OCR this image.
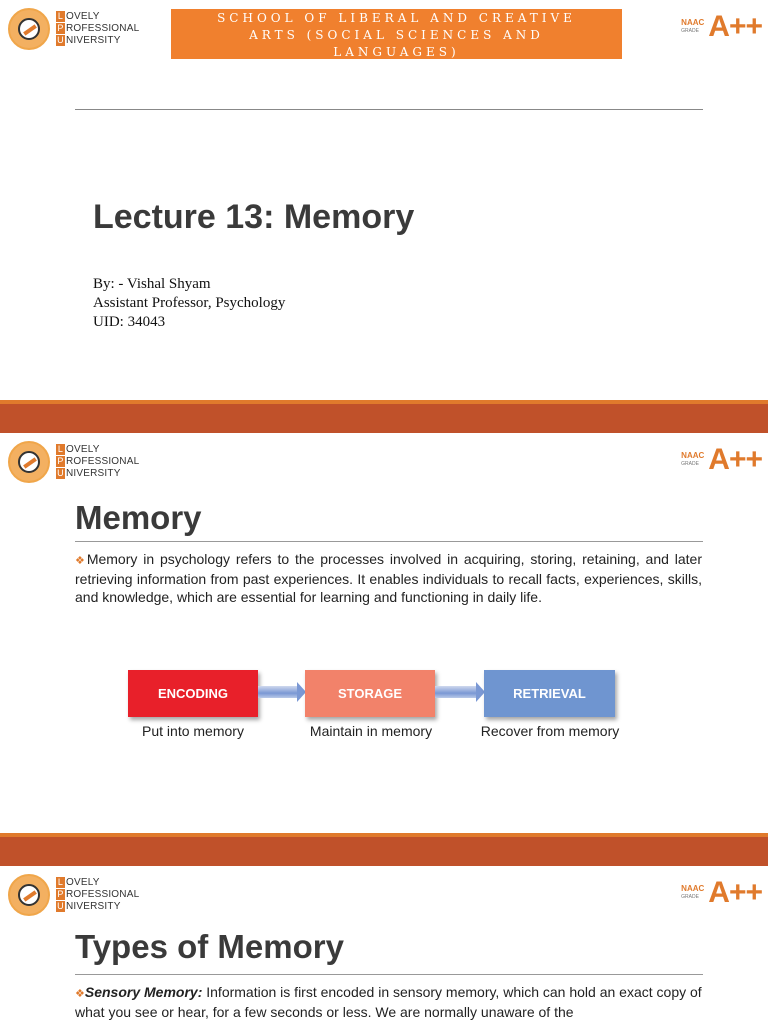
L OVELY
P ROFESSIONAL
U NIVERSITY
SCHOOL OF LIBERAL AND CREATIVE
ARTS (SOCIAL SCIENCES AND
LANGUAGES)
NAAC
GRADE A++
Lecture 13: Memory
By: - Vishal Shyam
Assistant Professor, Psychology
UID: 34043
L OVELY
P ROFESSIONAL
U NIVERSITY
NAAC
GRADE A++
Memory
❖Memory in psychology refers to the processes involved in acquiring, storing, retaining, and later retrieving information from past experiences. It enables individuals to recall facts, experiences, skills, and knowledge, which are essential for learning and functioning in daily life.
ENCODING	STORAGE	RETRIEVAL
Put into memory	Maintain in memory	Recover from memory
L OVELY
P ROFESSIONAL
U NIVERSITY
NAAC
GRADE A++
Types of Memory
❖Sensory Memory: Information is first encoded in sensory memory, which can hold an exact copy of what you see or hear, for a few seconds or less. We are normally unaware of the
